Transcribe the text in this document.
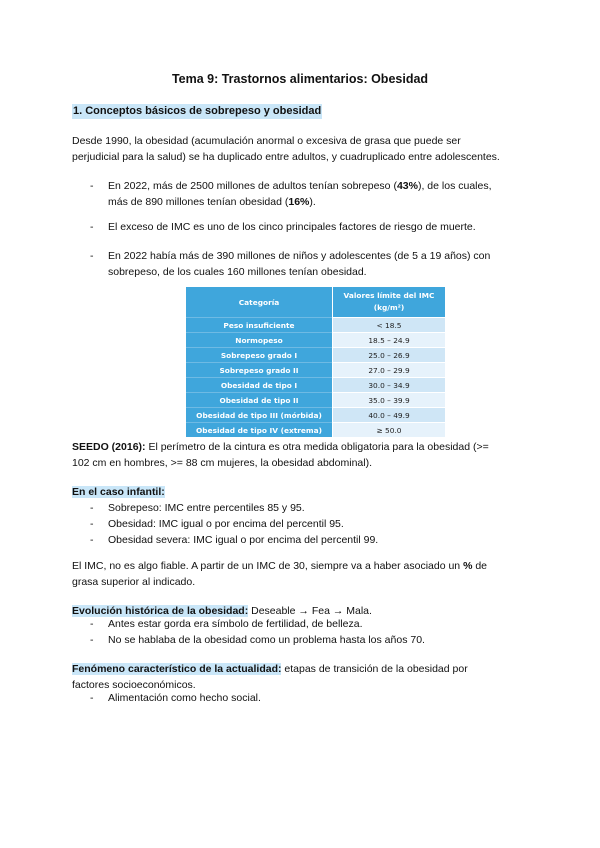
Tema 9: Trastornos alimentarios: Obesidad
1. Conceptos básicos de sobrepeso y obesidad
Desde 1990, la obesidad (acumulación anormal o excesiva de grasa que puede ser
perjudicial para la salud) se ha duplicado entre adultos, y cuadruplicado entre adolescentes.
- En 2022, más de 2500 millones de adultos tenían sobrepeso (43%), de los cuales,
más de 890 millones tenían obesidad (16%).
- El exceso de IMC es uno de los cinco principales factores de riesgo de muerte.
- En 2022 había más de 390 millones de niños y adolescentes (de 5 a 19 años) con
sobrepeso, de los cuales 160 millones tenían obesidad.
Categoría	Valores límite del IMC
(kg/m²)
Peso insuficiente	< 18.5
Normopeso	18.5 – 24.9
Sobrepeso grado I	25.0 – 26.9
Sobrepeso grado II	27.0 – 29.9
Obesidad de tipo I	30.0 – 34.9
Obesidad de tipo II	35.0 – 39.9
Obesidad de tipo III (mórbida)	40.0 – 49.9
Obesidad de tipo IV (extrema)	≥ 50.0
SEEDO (2016): El perímetro de la cintura es otra medida obligatoria para la obesidad (>=
102 cm en hombres, >= 88 cm mujeres, la obesidad abdominal).
En el caso infantil:
- Sobrepeso: IMC entre percentiles 85 y 95.
- Obesidad: IMC igual o por encima del percentil 95.
- Obesidad severa: IMC igual o por encima del percentil 99.
El IMC, no es algo fiable. A partir de un IMC de 30, siempre va a haber asociado un % de
grasa superior al indicado.
Evolución histórica de la obesidad: Deseable → Fea → Mala.
- Antes estar gorda era símbolo de fertilidad, de belleza.
- No se hablaba de la obesidad como un problema hasta los años 70.
Fenómeno característico de la actualidad: etapas de transición de la obesidad por
factores socioeconómicos.
- Alimentación como hecho social.
